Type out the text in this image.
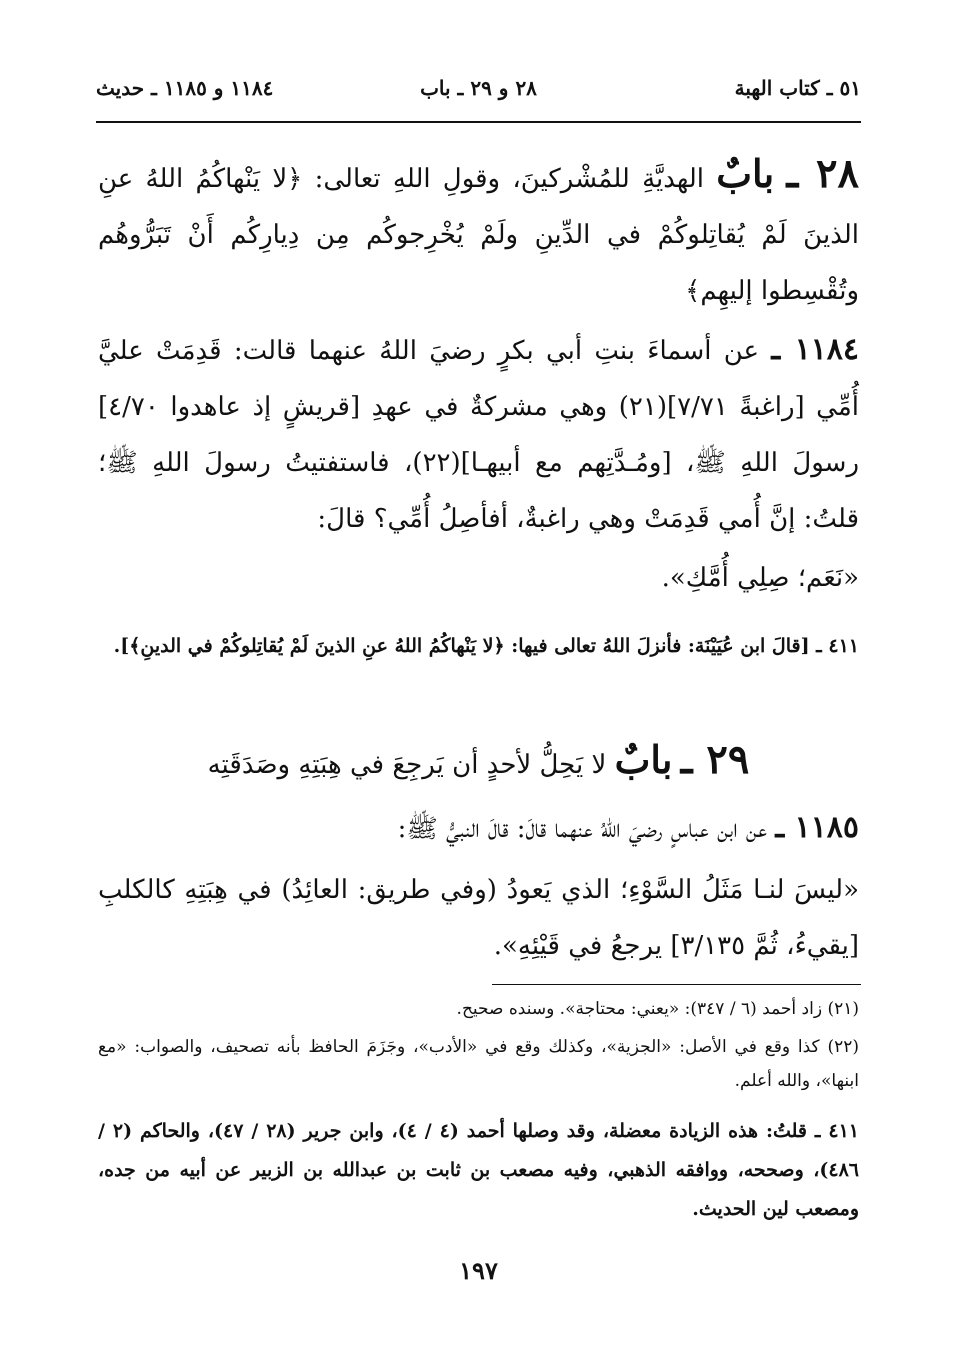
٥١ ـ كتاب الهبة
٢٨ و ٢٩ ـ باب
١١٨٤ و ١١٨٥ ـ حديث
٢٨ ـ بابٌ الهديَّةِ للمُشْركينَ، وقولِ اللهِ تعالى: ﴿لا يَنْهاكُمُ اللهُ عنِ الذينَ لَمْ يُقاتِلوكُمْ في الدِّينِ ولَمْ يُخْرِجوكُم مِن دِيارِكُم أَنْ تَبَرُّوهُم وتُقْسِطوا إليهِم﴾
١١٨٤ ـ عن أسماءَ بنتِ أبي بكرٍ رضيَ اللهُ عنهما قالت: قَدِمَتْ عليَّ أُمِّي [راغبةً ٧/٧١](٢١) وهي مشركةٌ في عهدِ [قريشٍ إذ عاهدوا ٤/٧٠] رسولَ اللهِ ﷺ، [ومُـدَّتِهم مع أبيهـا](٢٢)، فاستفتيتُ رسولَ اللهِ ﷺ؛ قلتُ: إنَّ أُمي قَدِمَتْ وهي راغبةٌ، أفأصِلُ أُمِّي؟ قالَ:
«نَعَم؛ صِلِي أُمَّكِ».
٤١١ ـ [قالَ ابن عُيَيْنَة: فأنزلَ اللهُ تعالى فيها: ﴿لا يَنْهاكُمُ اللهُ عنِ الذينَ لَمْ يُقاتِلوكُمْ في الدينِ﴾].
٢٩ ـ بابٌ لا يَحِلُّ لأحدٍ أن يَرجِعَ في هِبَتِهِ وصَدَقَتِه
١١٨٥ ـ عن ابن عباسٍ رضيَ اللهُ عنهما قالَ: قالَ النبيُّ ﷺ:
«ليسَ لنـا مَثَلُ السَّوْءِ؛ الذي يَعودُ (وفي طريق: العائِدُ) في هِبَتِهِ كالكلبِ [يقيءُ، ثُمَّ ٣/١٣٥] يرجعُ في قَيْئِهِ».
(٢١) زاد أحمد (٦ / ٣٤٧): «يعني: محتاجة». وسنده صحيح.
(٢٢) كذا وقع في الأصل: «الجزية»، وكذلك وقع في «الأدب»، وجَزَمَ الحافظ بأنه تصحيف، والصواب: «مع ابنها»، والله أعلم.
٤١١ ـ قلتُ: هذه الزيادة معضلة، وقد وصلها أحمد (٤ / ٤)، وابن جرير (٢٨ / ٤٧)، والحاكم (٢ / ٤٨٦)، وصححه، ووافقه الذهبي، وفيه مصعب بن ثابت بن عبدالله بن الزبير عن أبيه من جده، ومصعب لين الحديث.
١٩٧
